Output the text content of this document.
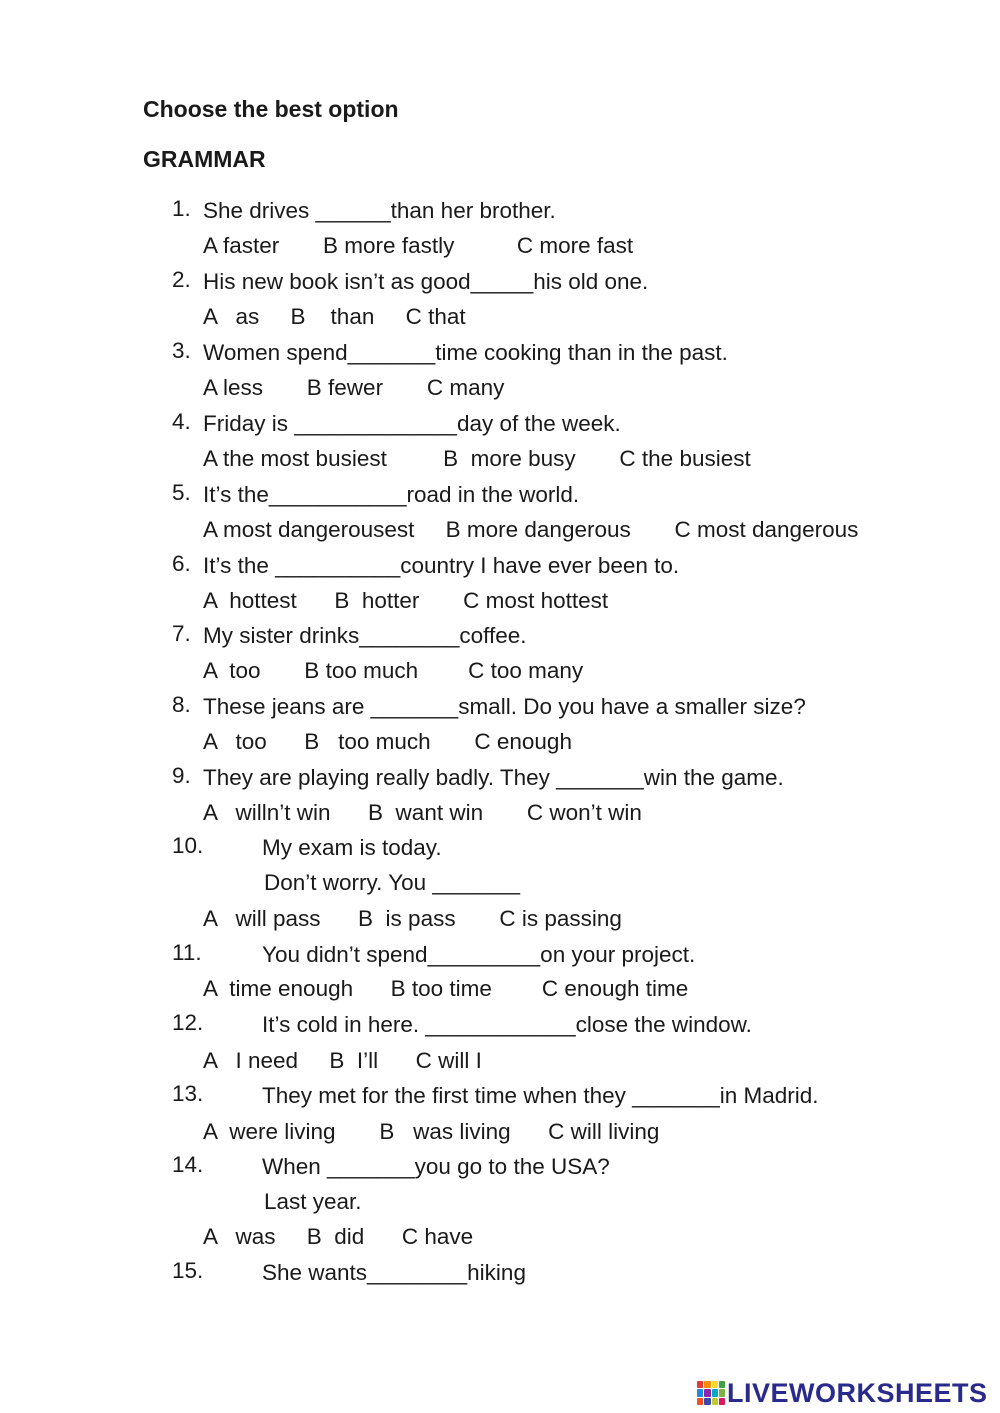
Choose the best option
GRAMMAR
1. She drives ______than her brother.
A faster       B more fastly          C more fast
2. His new book isn’t as good_____his old one.
A   as     B    than     C that
3. Women spend_______time cooking than in the past.
A less       B fewer       C many
4. Friday is _____________day of the week.
A the most busiest         B  more busy       C the busiest
5. It’s the___________road in the world.
A most dangerousest     B more dangerous       C most dangerous
6. It’s the __________country I have ever been to.
A  hottest      B  hotter       C most hottest
7. My sister drinks________coffee.
A  too       B too much        C too many
8. These jeans are _______small. Do you have a smaller size?
A   too      B   too much       C enough
9. They are playing really badly. They _______win the game.
A   willn’t win      B  want win       C won’t win
10.	My exam is today.
Don’t worry. You _______
A   will pass      B  is pass       C is passing
11.	You didn’t spend_________on your project.
A  time enough      B too time        C enough time
12.	It’s cold in here. ____________close the window.
A   I need     B  I’ll      C will I
13.	They met for the first time when they _______in Madrid.
A  were living       B   was living      C will living
14.	When _______you go to the USA?
Last year.
A   was     B  did      C have
15.	She wants________hiking
LIVEWORKSHEETS
